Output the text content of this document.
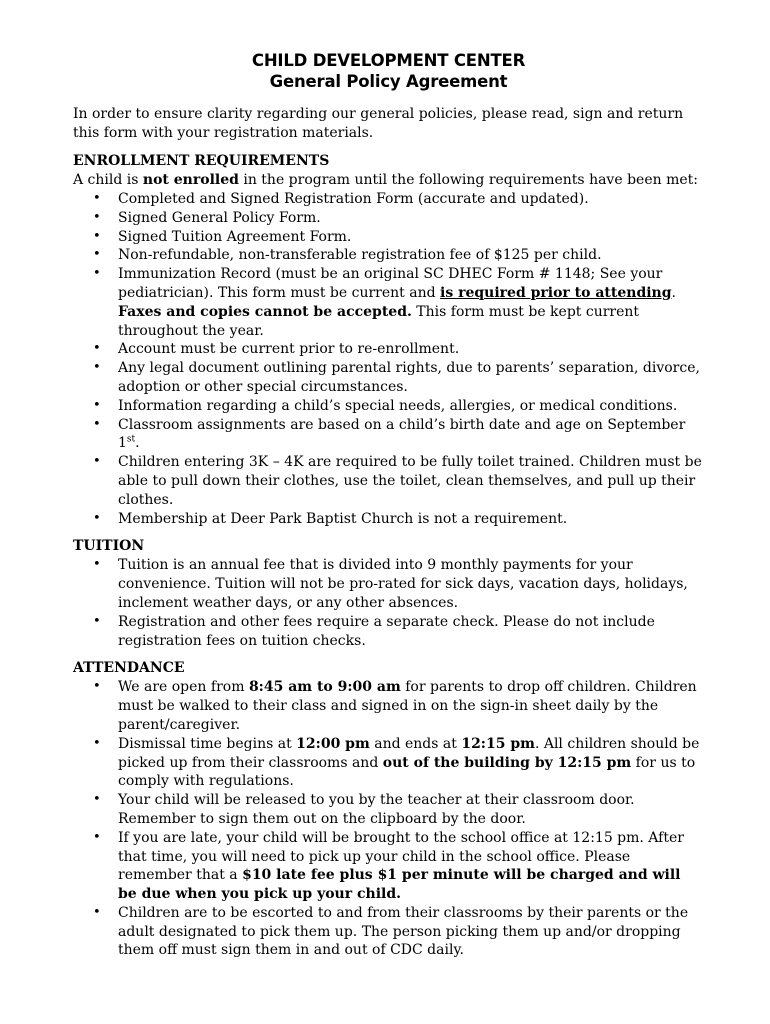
CHILD DEVELOPMENT CENTER
General Policy Agreement

In order to ensure clarity regarding our general policies, please read, sign and return this form with your registration materials.

ENROLLMENT REQUIREMENTS

A child is not enrolled in the program until the following requirements have been met:

• Completed and Signed Registration Form (accurate and updated).
• Signed General Policy Form.
• Signed Tuition Agreement Form.
• Non-refundable, non-transferable registration fee of $125 per child.
• Immunization Record (must be an original SC DHEC Form # 1148; See your pediatrician). This form must be current and is required prior to attending. Faxes and copies cannot be accepted. This form must be kept current throughout the year.
• Account must be current prior to re-enrollment.
• Any legal document outlining parental rights, due to parents’ separation, divorce, adoption or other special circumstances.
• Information regarding a child’s special needs, allergies, or medical conditions.
• Classroom assignments are based on a child’s birth date and age on September 1st.
• Children entering 3K – 4K are required to be fully toilet trained. Children must be able to pull down their clothes, use the toilet, clean themselves, and pull up their clothes.
• Membership at Deer Park Baptist Church is not a requirement.

TUITION

• Tuition is an annual fee that is divided into 9 monthly payments for your convenience. Tuition will not be pro-rated for sick days, vacation days, holidays, inclement weather days, or any other absences.
• Registration and other fees require a separate check. Please do not include registration fees on tuition checks.

ATTENDANCE

• We are open from 8:45 am to 9:00 am for parents to drop off children. Children must be walked to their class and signed in on the sign-in sheet daily by the parent/caregiver.
• Dismissal time begins at 12:00 pm and ends at 12:15 pm. All children should be picked up from their classrooms and out of the building by 12:15 pm for us to comply with regulations.
• Your child will be released to you by the teacher at their classroom door. Remember to sign them out on the clipboard by the door.
• If you are late, your child will be brought to the school office at 12:15 pm. After that time, you will need to pick up your child in the school office. Please remember that a $10 late fee plus $1 per minute will be charged and will be due when you pick up your child.
• Children are to be escorted to and from their classrooms by their parents or the adult designated to pick them up. The person picking them up and/or dropping them off must sign them in and out of CDC daily.
